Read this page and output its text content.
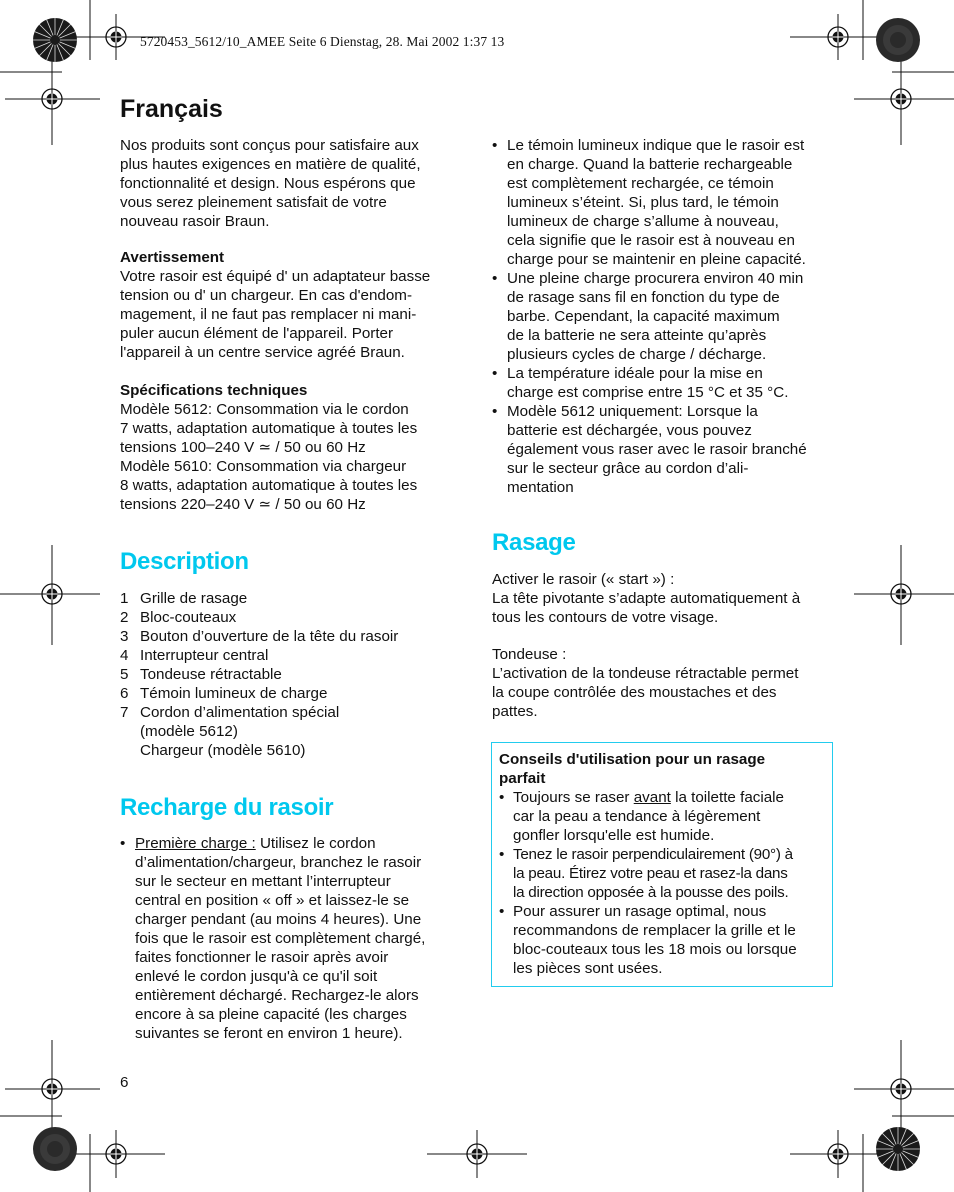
5720453_5612/10_AMEE Seite 6 Dienstag, 28. Mai 2002 1:37 13
Français
Nos produits sont conçus pour satisfaire aux
plus hautes exigences en matière de qualité,
fonctionnalité et design. Nous espérons que
vous serez pleinement satisfait de votre
nouveau rasoir Braun.
Avertissement
Votre rasoir est équipé d' un adaptateur basse
tension ou d' un chargeur. En cas d'endom-
magement, il ne faut pas remplacer ni mani-
puler aucun élément de l'appareil. Porter
l'appareil à un centre service agréé Braun.
Spécifications techniques
Modèle 5612: Consommation via le cordon
7 watts, adaptation automatique à toutes les
tensions 100–240 V ≃ / 50 ou 60 Hz
Modèle 5610: Consommation via chargeur
8 watts, adaptation automatique à toutes les
tensions 220–240 V ≃ / 50 ou 60 Hz
Description
1 Grille de rasage
2 Bloc-couteaux
3 Bouton d’ouverture de la tête du rasoir
4 Interrupteur central
5 Tondeuse rétractable
6 Témoin lumineux de charge
7 Cordon d’alimentation spécial
(modèle 5612)
Chargeur (modèle 5610)
Recharge du rasoir
• Première charge : Utilisez le cordon
d’alimentation/chargeur, branchez le rasoir
sur le secteur en mettant l’interrupteur
central en position « off » et laissez-le se
charger pendant (au moins 4 heures). Une
fois que le rasoir est complètement chargé,
faites fonctionner le rasoir après avoir
enlevé le cordon jusqu'à ce qu'il soit
entièrement déchargé. Rechargez-le alors
encore à sa pleine capacité (les charges
suivantes se feront en environ 1 heure).
6
• Le témoin lumineux indique que le rasoir est
en charge. Quand la batterie rechargeable
est complètement rechargée, ce témoin
lumineux s’éteint. Si, plus tard, le témoin
lumineux de charge s’allume à nouveau,
cela signifie que le rasoir est à nouveau en
charge pour se maintenir en pleine capacité.
• Une pleine charge procurera environ 40 min
de rasage sans fil en fonction du type de
barbe. Cependant, la capacité maximum
de la batterie ne sera atteinte qu’après
plusieurs cycles de charge / décharge.
• La température idéale pour la mise en
charge est comprise entre 15 °C et 35 °C.
• Modèle 5612 uniquement: Lorsque la
batterie est déchargée, vous pouvez
également vous raser avec le rasoir branché
sur le secteur grâce au cordon d’ali-
mentation
Rasage
Activer le rasoir (« start ») :
La tête pivotante s’adapte automatiquement à
tous les contours de votre visage.
Tondeuse :
L’activation de la tondeuse rétractable permet
la coupe contrôlée des moustaches et des
pattes.
Conseils d'utilisation pour un rasage
parfait
• Toujours se raser avant la toilette faciale
car la peau a tendance à légèrement
gonfler lorsqu'elle est humide.
• Tenez le rasoir perpendiculairement (90°) à
la peau. Étirez votre peau et rasez-la dans
la direction opposée à la pousse des poils.
• Pour assurer un rasage optimal, nous
recommandons de remplacer la grille et le
bloc-couteaux tous les 18 mois ou lorsque
les pièces sont usées.
